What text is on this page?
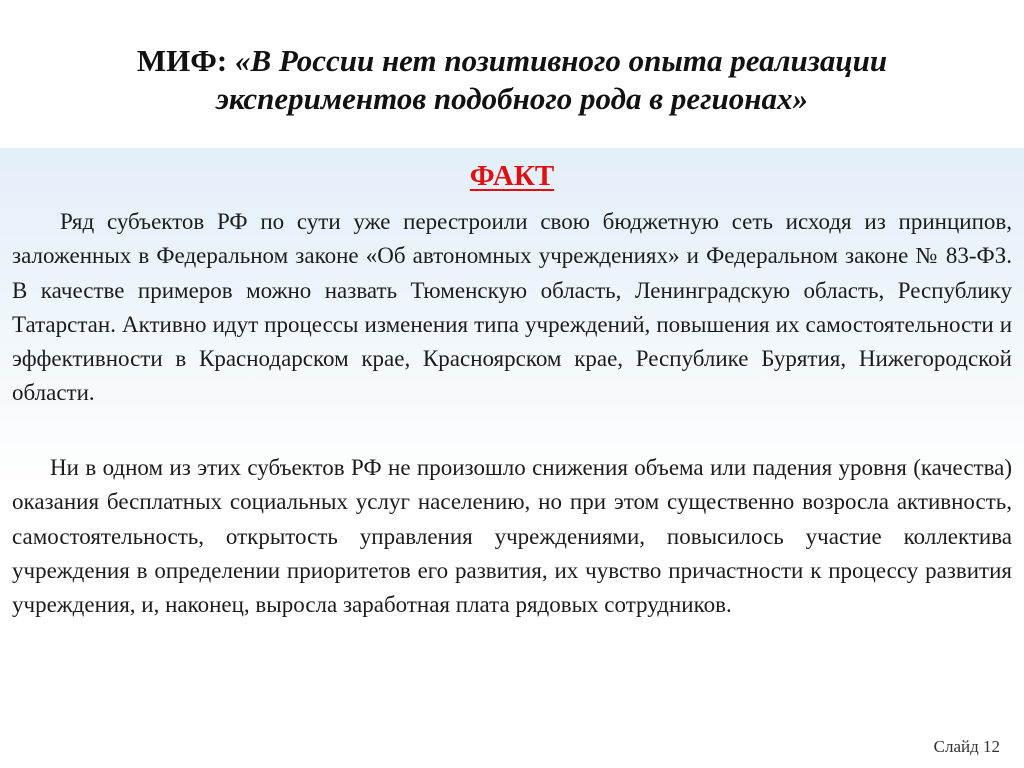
МИФ: «В России нет позитивного опыта реализации экспериментов подобного рода в регионах»
ФАКТ

Ряд субъектов РФ по сути уже перестроили свою бюджетную сеть исходя из принципов, заложенных в Федеральном законе «Об автономных учреждениях» и Федеральном законе № 83-ФЗ. В качестве примеров можно назвать Тюменскую область, Ленинградскую область, Республику Татарстан. Активно идут процессы изменения типа учреждений, повышения их самостоятельности и эффективности в Краснодарском крае, Красноярском крае, Республике Бурятия, Нижегородской области.

Ни в одном из этих субъектов РФ не произошло снижения объема или падения уровня (качества) оказания бесплатных социальных услуг населению, но при этом существенно возросла активность, самостоятельность, открытость управления учреждениями, повысилось участие коллектива учреждения в определении приоритетов его развития, их чувство причастности к процессу развития учреждения, и, наконец, выросла заработная плата рядовых сотрудников.

Слайд 12
